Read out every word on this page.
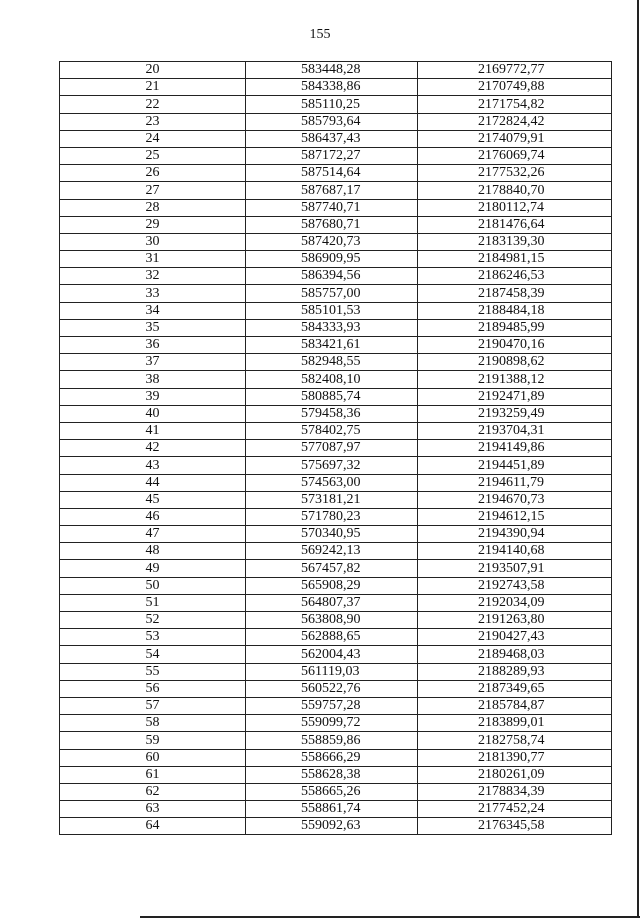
155
20	583448,28	2169772,77
21	584338,86	2170749,88
22	585110,25	2171754,82
23	585793,64	2172824,42
24	586437,43	2174079,91
25	587172,27	2176069,74
26	587514,64	2177532,26
27	587687,17	2178840,70
28	587740,71	2180112,74
29	587680,71	2181476,64
30	587420,73	2183139,30
31	586909,95	2184981,15
32	586394,56	2186246,53
33	585757,00	2187458,39
34	585101,53	2188484,18
35	584333,93	2189485,99
36	583421,61	2190470,16
37	582948,55	2190898,62
38	582408,10	2191388,12
39	580885,74	2192471,89
40	579458,36	2193259,49
41	578402,75	2193704,31
42	577087,97	2194149,86
43	575697,32	2194451,89
44	574563,00	2194611,79
45	573181,21	2194670,73
46	571780,23	2194612,15
47	570340,95	2194390,94
48	569242,13	2194140,68
49	567457,82	2193507,91
50	565908,29	2192743,58
51	564807,37	2192034,09
52	563808,90	2191263,80
53	562888,65	2190427,43
54	562004,43	2189468,03
55	561119,03	2188289,93
56	560522,76	2187349,65
57	559757,28	2185784,87
58	559099,72	2183899,01
59	558859,86	2182758,74
60	558666,29	2181390,77
61	558628,38	2180261,09
62	558665,26	2178834,39
63	558861,74	2177452,24
64	559092,63	2176345,58
